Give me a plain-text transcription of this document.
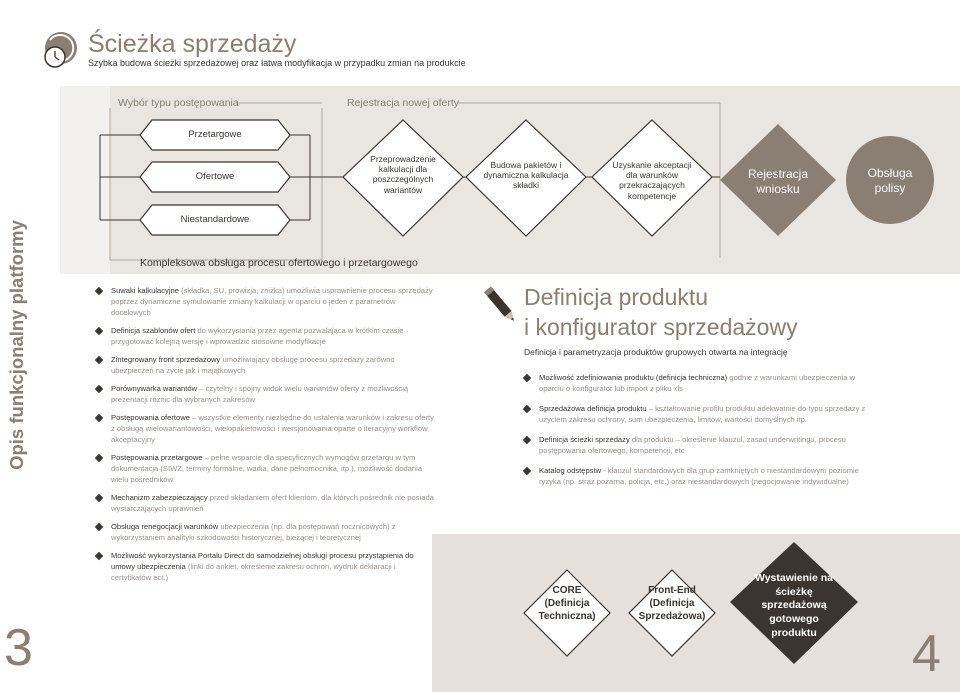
Ścieżka sprzedaży
Szybka budowa ścieżki sprzedażowej oraz łatwa modyfikacja w przypadku zmian na produkcie
Wybór typu postępowania	Rejestracja nowej oferty
Przetargowe
Ofertowe
Niestandardowe
Przeprowadzenie kalkulacji dla poszczególnych wariantów
Budowa pakietów i dynamiczna kalkulacja składki
Uzyskanie akceptacji dla warunków przekraczających kompetencje
Rejestracja wniosku
Obsługa polisy
Kompleksowa obsługa procesu ofertowego i przetargowego
Opis funkcjonalny platformy
3	4
Suwaki kalkulacyjne (składka, SU, prowizja, zniżka) umożliwia usprawnienie procesu sprzedaży poprzez dynamiczne symulowanie zmiany kalkulacji w oparciu o jeden z parametrów docelowych
Definicja szablonów ofert do wykorzystania przez agenta pozwalająca w krótkim czasie przygotować kolejną wersję i wprowadzić stosowne modyfikacje
Zintegrowany front sprzedażowy umożliwiający obsługę procesu sprzedaży zarówno ubezpieczeń na życie jak i majątkowych
Porównywarka wariantów – czytelny i spójny widok wielu wariantów oferty z możliwością prezentacji różnic dla wybranych zakresów
Postępowania ofertowe – wszystkie elementy niezbędne do ustalenia warunków i zakresu oferty z obsługą wielowariantowości, wielopakietowości i wersjonowania oparte o iteracyjny workflow akceptacyjny
Postępowania przetargowe – pełne wsparcie dla specyficznych wymogów przetargu w tym dokumentacja (SIWZ, terminy formalne, wadia, dane pełnomocnika, itp.), możliwość dodania wielu pośredników
Mechanizm zabezpieczający przed składaniem ofert klientom, dla których pośrednik nie posiada wystarczających uprawnień
Obsługa renegocjacji warunków ubezpieczenia (np. dla postępowań rocznicowych) z wykorzystaniem analityki szkodowości historycznej, bieżącej i teoretycznej
Możliwość wykorzystania Portalu Direct do samodzielnej obsługi procesu przystąpienia do umowy ubezpieczenia (linki do ankiet, określenie zakresu ochron, wydruk deklaracji i certyfikatów ect.)
Definicja produktu
i konfigurator sprzedażowy
Definicja i parametryzacja produktów grupowych otwarta na integrację
Możliwość zdefiniowania produktu (definicja techniczna) godnie z warunkami ubezpieczenia w oparciu o konfigurator lub import z pliku xls
Sprzedażowa definicja produktu – kształtowanie profilu produktu adekwatnie do typu sprzedaży z użyciem zakresu ochrony, sum ubezpieczenia, limitów, wartości domyślnych itp.
Definicja ścieżki sprzedaży dla produktu – określenie klauzul, zasad underwritingu, procesu postępowania ofertowego, kompetencji, etc
Katalog odstępstw - klauzul standardowych dla grup zamkniętych o niestandardowym poziomie ryzyka (np. straż pożarna, policja, etc.) oraz niestandardowych (negocjowanie indywidualne)
CORE (Definicja Techniczna)
Front-End (Definicja Sprzedażowa)
Wystawienie na ścieżkę sprzedażową gotowego produktu
